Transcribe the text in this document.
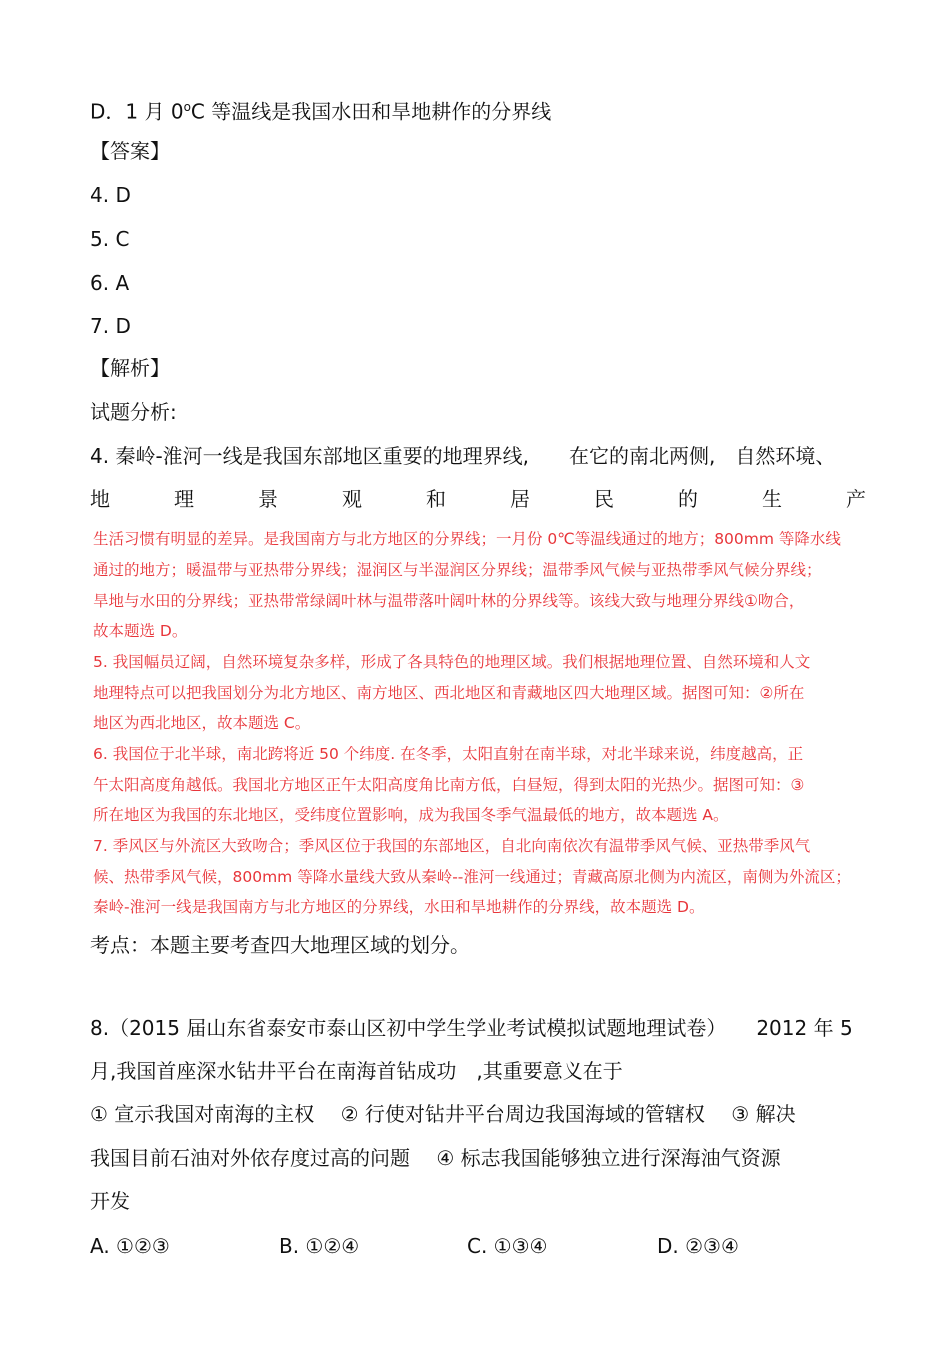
D．1 月 0$^o$C 等温线是我国水田和旱地耕作的分界线
【答案】
4. D
5. C
6. A
7. D
【解析】
试题分析:
4. 秦岭-淮河一线是我国东部地区重要的地理界线,　　在它的南北两侧,　自然环境、
地	理	景	观	和	居	民	的	生	产
生活习惯有明显的差异。是我国南方与北方地区的分界线；一月份 0℃等温线通过的地方；800mm 等降水线
通过的地方；暖温带与亚热带分界线；湿润区与半湿润区分界线；温带季风气候与亚热带季风气候分界线；
旱地与水田的分界线；亚热带常绿阔叶林与温带落叶阔叶林的分界线等。该线大致与地理分界线①吻合，
故本题选 D。
5. 我国幅员辽阔，自然环境复杂多样，形成了各具特色的地理区域。我们根据地理位置、自然环境和人文
地理特点可以把我国划分为北方地区、南方地区、西北地区和青藏地区四大地理区域。据图可知：②所在
地区为西北地区，故本题选 C。
6. 我国位于北半球，南北跨将近 50 个纬度. 在冬季，太阳直射在南半球，对北半球来说，纬度越高，正
午太阳高度角越低。我国北方地区正午太阳高度角比南方低，白昼短，得到太阳的光热少。据图可知：③
所在地区为我国的东北地区，受纬度位置影响，成为我国冬季气温最低的地方，故本题选 A。
7. 季风区与外流区大致吻合；季风区位于我国的东部地区，自北向南依次有温带季风气候、亚热带季风气
候、热带季风气候，800mm 等降水量线大致从秦岭--淮河一线通过；青藏高原北侧为内流区，南侧为外流区；
秦岭-淮河一线是我国南方与北方地区的分界线，水田和旱地耕作的分界线，故本题选 D。
考点：本题主要考查四大地理区域的划分。
8.（2015 届山东省泰安市泰山区初中学生学业考试模拟试题地理试卷）　　2012 年 5
月,我国首座深水钻井平台在南海首钻成功　,其重要意义在于
① 宣示我国对南海的主权　 ② 行使对钻井平台周边我国海域的管辖权　 ③ 解决
我国目前石油对外依存度过高的问题　 ④ 标志我国能够独立进行深海油气资源
开发
A. ①②③	B. ①②④	C. ①③④	D. ②③④
